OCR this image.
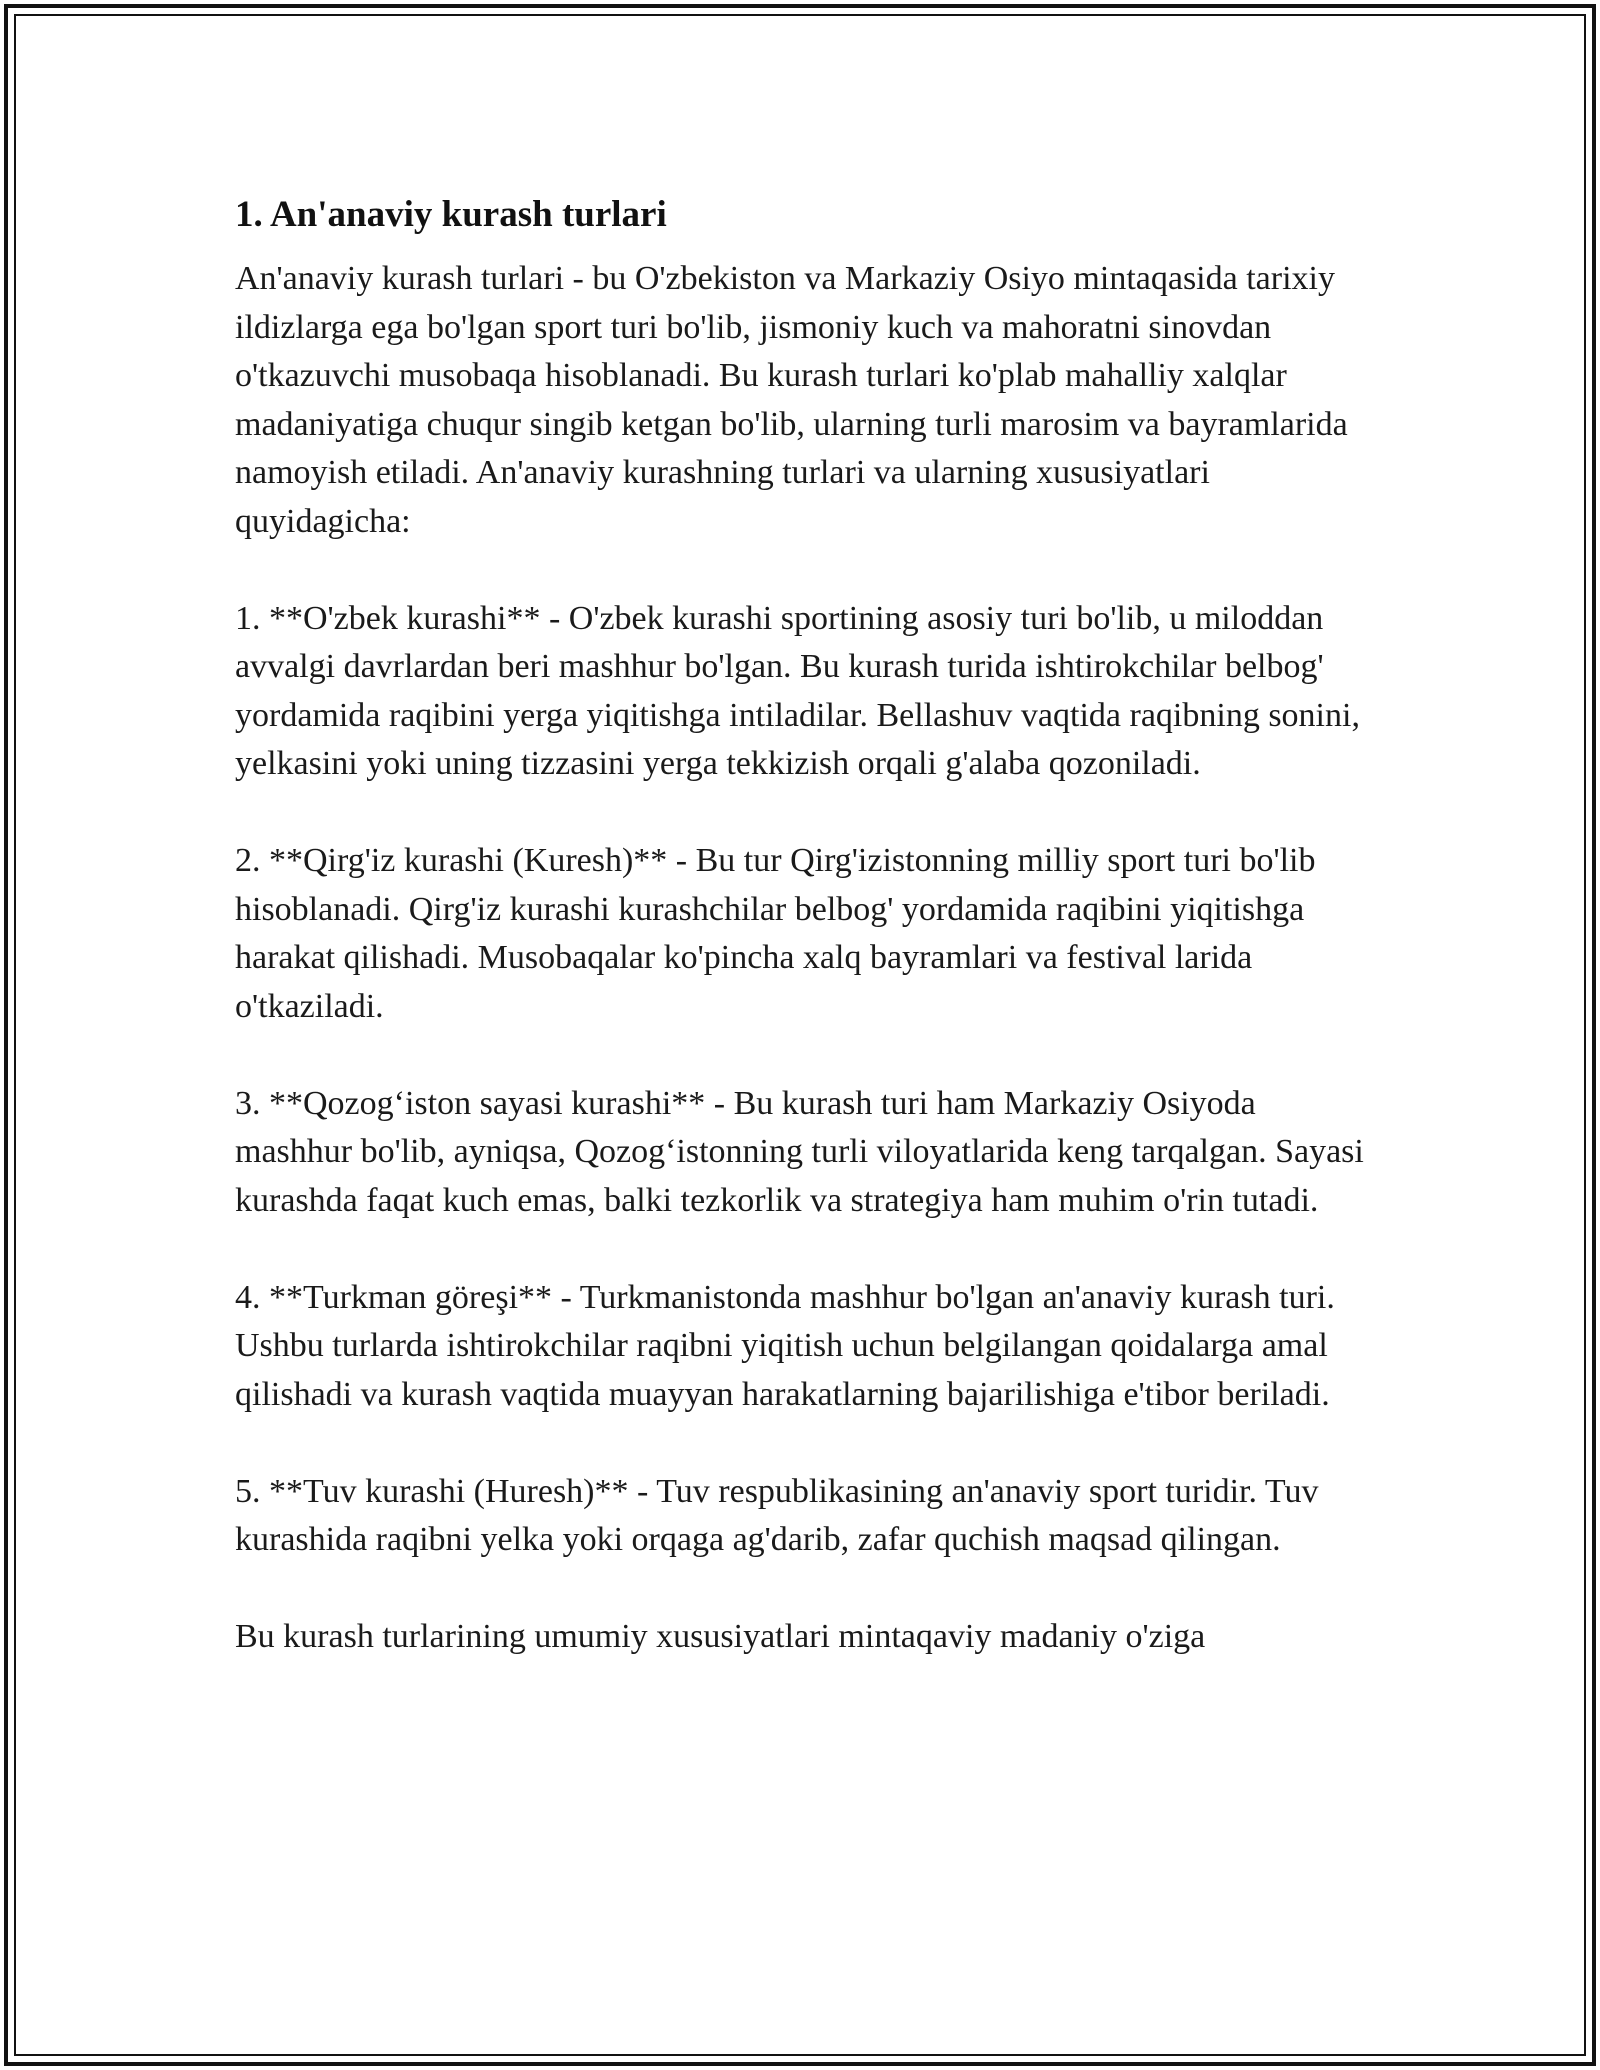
1. An'anaviy kurash turlari

An'anaviy kurash turlari - bu O'zbekiston va Markaziy Osiyo mintaqasida tarixiy ildizlarga ega bo'lgan sport turi bo'lib, jismoniy kuch va mahoratni sinovdan o'tkazuvchi musobaqa hisoblanadi. Bu kurash turlari ko'plab mahalliy xalqlar madaniyatiga chuqur singib ketgan bo'lib, ularning turli marosim va bayramlarida namoyish etiladi. An'anaviy kurashning turlari va ularning xususiyatlari quyidagicha:

1. **O'zbek kurashi** - O'zbek kurashi sportining asosiy turi bo'lib, u miloddan avvalgi davrlardan beri mashhur bo'lgan. Bu kurash turida ishtirokchilar belbog' yordamida raqibini yerga yiqitishga intiladilar. Bellashuv vaqtida raqibning sonini, yelkasini yoki uning tizzasini yerga tekkizish orqali g'alaba qozoniladi.

2. **Qirg'iz kurashi (Kuresh)** - Bu tur Qirg'izistonning milliy sport turi bo'lib hisoblanadi. Qirg'iz kurashi kurashchilar belbog' yordamida raqibini yiqitishga harakat qilishadi. Musobaqalar ko'pincha xalq bayramlari va festival larida o'tkaziladi.

3. **Qozog‘iston sayasi kurashi** - Bu kurash turi ham Markaziy Osiyoda mashhur bo'lib, ayniqsa, Qozog‘istonning turli viloyatlarida keng tarqalgan. Sayasi kurashda faqat kuch emas, balki tezkorlik va strategiya ham muhim o'rin tutadi.

4. **Turkman göreşi** - Turkmanistonda mashhur bo'lgan an'anaviy kurash turi. Ushbu turlarda ishtirokchilar raqibni yiqitish uchun belgilangan qoidalarga amal qilishadi va kurash vaqtida muayyan harakatlarning bajarilishiga e'tibor beriladi.

5. **Tuv kurashi (Huresh)** - Tuv respublikasining an'anaviy sport turidir. Tuv kurashida raqibni yelka yoki orqaga ag'darib, zafar quchish maqsad qilingan.

Bu kurash turlarining umumiy xususiyatlari mintaqaviy madaniy o'ziga
